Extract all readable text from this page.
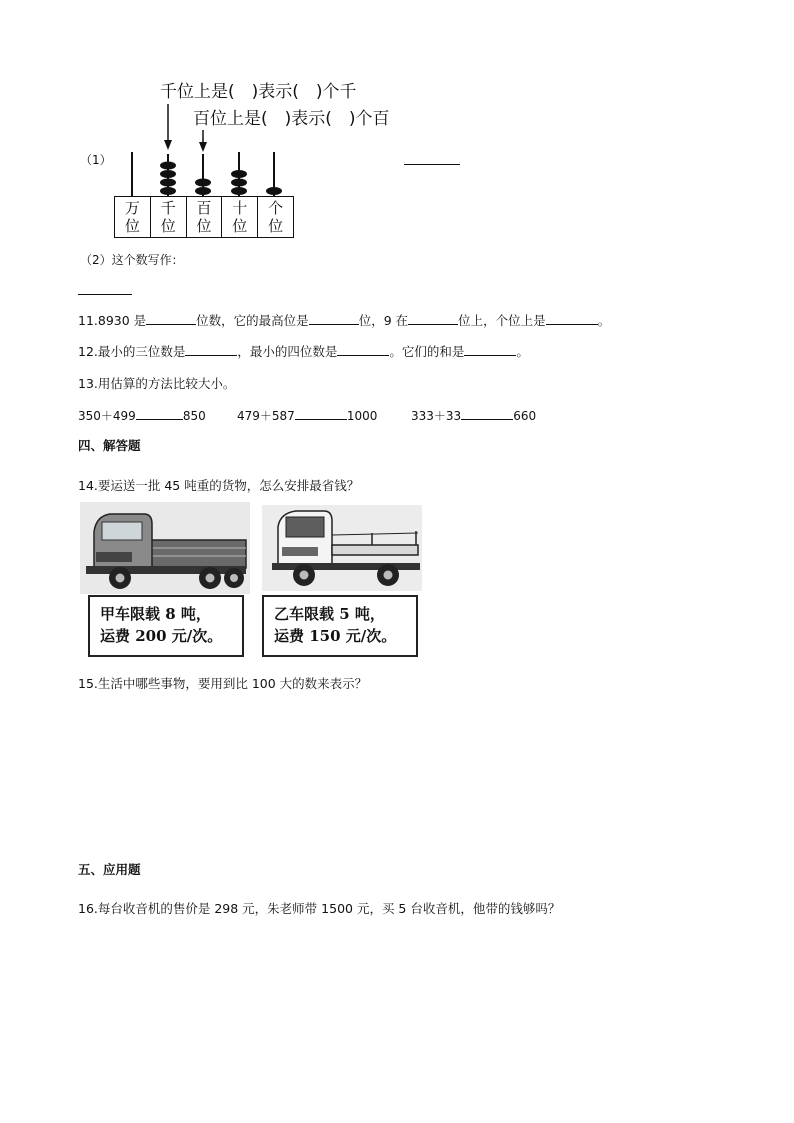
千位上是(　)表示(　)个千
百位上是(　)表示(　)个百
（1）
万
位
千
位
百
位
十
位
个
位
（2）这个数写作：
11.8930 是	位数，它的最高位是	位，9 在	位上，个位上是	。
12.最小的三位数是	，最小的四位数是	。它们的和是	。
13.用估算的方法比较大小。
350＋499	850	479＋587	1000	333＋33	660
四、解答题
14.要运送一批 45 吨重的货物，怎么安排最省钱？
甲车限载 8 吨，
运费 200 元/次。
乙车限载 5 吨，
运费 150 元/次。
15.生活中哪些事物，要用到比 100 大的数来表示？
五、应用题
16.每台收音机的售价是 298 元，朱老师带 1500 元，买 5 台收音机，他带的钱够吗？
